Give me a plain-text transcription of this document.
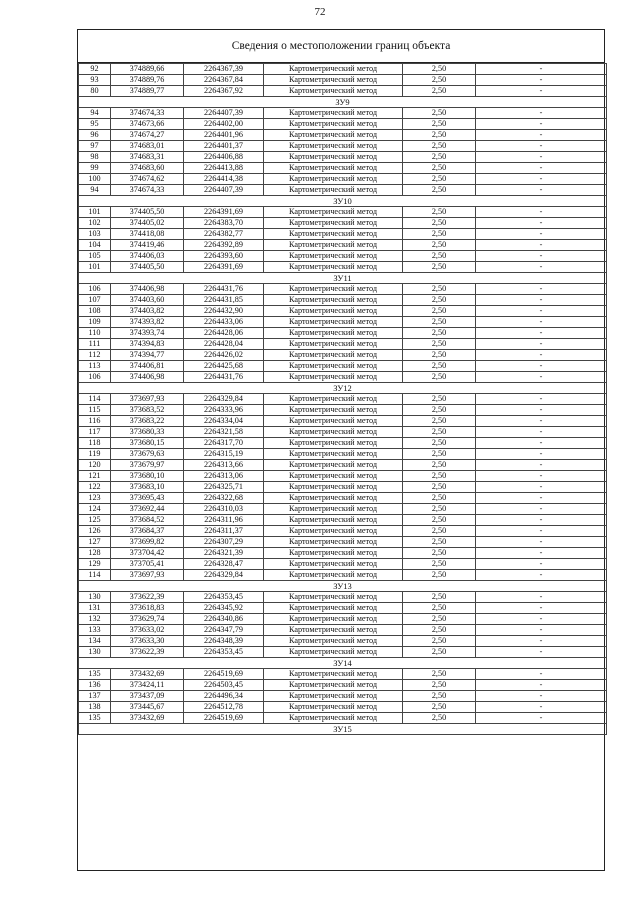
72
Сведения о местоположении границ объекта
92	374889,66	2264367,39	Картометрический метод	2,50	-
93	374889,76	2264367,84	Картометрический метод	2,50	-
80	374889,77	2264367,92	Картометрический метод	2,50	-
ЗУ9					
94	374674,33	2264407,39	Картометрический метод	2,50	-
95	374673,66	2264402,00	Картометрический метод	2,50	-
96	374674,27	2264401,96	Картометрический метод	2,50	-
97	374683,01	2264401,37	Картометрический метод	2,50	-
98	374683,31	2264406,88	Картометрический метод	2,50	-
99	374683,60	2264413,88	Картометрический метод	2,50	-
100	374674,62	2264414,38	Картометрический метод	2,50	-
94	374674,33	2264407,39	Картометрический метод	2,50	-
ЗУ10					
101	374405,50	2264391,69	Картометрический метод	2,50	-
102	374405,02	2264383,70	Картометрический метод	2,50	-
103	374418,08	2264382,77	Картометрический метод	2,50	-
104	374419,46	2264392,89	Картометрический метод	2,50	-
105	374406,03	2264393,60	Картометрический метод	2,50	-
101	374405,50	2264391,69	Картометрический метод	2,50	-
ЗУ11					
106	374406,98	2264431,76	Картометрический метод	2,50	-
107	374403,60	2264431,85	Картометрический метод	2,50	-
108	374403,82	2264432,90	Картометрический метод	2,50	-
109	374393,82	2264433,06	Картометрический метод	2,50	-
110	374393,74	2264428,06	Картометрический метод	2,50	-
111	374394,83	2264428,04	Картометрический метод	2,50	-
112	374394,77	2264426,02	Картометрический метод	2,50	-
113	374406,81	2264425,68	Картометрический метод	2,50	-
106	374406,98	2264431,76	Картометрический метод	2,50	-
ЗУ12					
114	373697,93	2264329,84	Картометрический метод	2,50	-
115	373683,52	2264333,96	Картометрический метод	2,50	-
116	373683,22	2264334,04	Картометрический метод	2,50	-
117	373680,33	2264321,58	Картометрический метод	2,50	-
118	373680,15	2264317,70	Картометрический метод	2,50	-
119	373679,63	2264315,19	Картометрический метод	2,50	-
120	373679,97	2264313,66	Картометрический метод	2,50	-
121	373680,10	2264313,06	Картометрический метод	2,50	-
122	373683,10	2264325,71	Картометрический метод	2,50	-
123	373695,43	2264322,68	Картометрический метод	2,50	-
124	373692,44	2264310,03	Картометрический метод	2,50	-
125	373684,52	2264311,96	Картометрический метод	2,50	-
126	373684,37	2264311,37	Картометрический метод	2,50	-
127	373699,82	2264307,29	Картометрический метод	2,50	-
128	373704,42	2264321,39	Картометрический метод	2,50	-
129	373705,41	2264328,47	Картометрический метод	2,50	-
114	373697,93	2264329,84	Картометрический метод	2,50	-
ЗУ13					
130	373622,39	2264353,45	Картометрический метод	2,50	-
131	373618,83	2264345,92	Картометрический метод	2,50	-
132	373629,74	2264340,86	Картометрический метод	2,50	-
133	373633,02	2264347,79	Картометрический метод	2,50	-
134	373633,30	2264348,39	Картометрический метод	2,50	-
130	373622,39	2264353,45	Картометрический метод	2,50	-
ЗУ14					
135	373432,69	2264519,69	Картометрический метод	2,50	-
136	373424,11	2264503,45	Картометрический метод	2,50	-
137	373437,09	2264496,34	Картометрический метод	2,50	-
138	373445,67	2264512,78	Картометрический метод	2,50	-
135	373432,69	2264519,69	Картометрический метод	2,50	-
ЗУ15					
